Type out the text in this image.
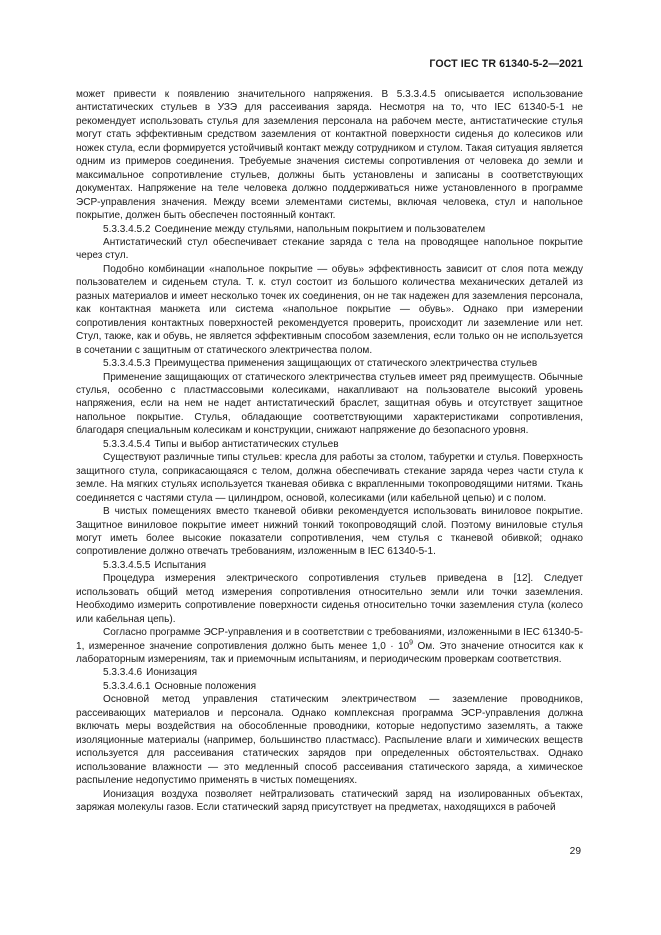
ГОСТ IEC TR 61340-5-2—2021

может привести к появлению значительного напряжения. В 5.3.3.4.5 описывается использование антистатических стульев в УЗЭ для рассеивания заряда. Несмотря на то, что IEC 61340-5-1 не рекомендует использовать стулья для заземления персонала на рабочем месте, антистатические стулья могут стать эффективным средством заземления от контактной поверхности сиденья до колесиков или ножек стула, если формируется устойчивый контакт между сотрудником и стулом. Такая ситуация является одним из примеров соединения. Требуемые значения системы сопротивления от человека до земли и максимальное сопротивление стульев, должны быть установлены и записаны в соответствующих документах. Напряжение на теле человека должно поддерживаться ниже установленного в программе ЭСР-управления значения. Между всеми элементами системы, включая человека, стул и напольное покрытие, должен быть обеспечен постоянный контакт.

5.3.3.4.5.2 Соединение между стульями, напольным покрытием и пользователем

Антистатический стул обеспечивает стекание заряда с тела на проводящее напольное покрытие через стул.

Подобно комбинации «напольное покрытие — обувь» эффективность зависит от слоя пота между пользователем и сиденьем стула. Т. к. стул состоит из большого количества механических деталей из разных материалов и имеет несколько точек их соединения, он не так надежен для заземления персонала, как контактная манжета или система «напольное покрытие — обувь». Однако при измерении сопротивления контактных поверхностей рекомендуется проверить, происходит ли заземление или нет. Стул, также, как и обувь, не является эффективным способом заземления, если только он не используется в сочетании с защитным от статического электричества полом.

5.3.3.4.5.3 Преимущества применения защищающих от статического электричества стульев

Применение защищающих от статического электричества стульев имеет ряд преимуществ. Обычные стулья, особенно с пластмассовыми колесиками, накапливают на пользователе высокий уровень напряжения, если на нем не надет антистатический браслет, защитная обувь и отсутствует защитное напольное покрытие. Стулья, обладающие соответствующими характеристиками сопротивления, благодаря специальным колесикам и конструкции, снижают напряжение до безопасного уровня.

5.3.3.4.5.4 Типы и выбор антистатических стульев

Существуют различные типы стульев: кресла для работы за столом, табуретки и стулья. Поверхность защитного стула, соприкасающаяся с телом, должна обеспечивать стекание заряда через части стула к земле. На мягких стульях используется тканевая обивка с вкрапленными токопроводящими нитями. Ткань соединяется с частями стула — цилиндром, основой, колесиками (или кабельной цепью) и с полом.

В чистых помещениях вместо тканевой обивки рекомендуется использовать виниловое покрытие. Защитное виниловое покрытие имеет нижний тонкий токопроводящий слой. Поэтому виниловые стулья могут иметь более высокие показатели сопротивления, чем стулья с тканевой обивкой; однако сопротивление должно отвечать требованиям, изложенным в IEC 61340-5-1.

5.3.3.4.5.5 Испытания

Процедура измерения электрического сопротивления стульев приведена в [12]. Следует использовать общий метод измерения сопротивления относительно земли или точки заземления. Необходимо измерить сопротивление поверхности сиденья относительно точки заземления стула (колесо или кабельная цепь).

Согласно программе ЭСР-управления и в соответствии с требованиями, изложенными в IEC 61340-5-1, измеренное значение сопротивления должно быть менее $1,0 \cdot 10^9$ Ом. Это значение относится как к лабораторным измерениям, так и приемочным испытаниям, и периодическим проверкам соответствия.

5.3.3.4.6 Ионизация

5.3.3.4.6.1 Основные положения

Основной метод управления статическим электричеством — заземление проводников, рассеивающих материалов и персонала. Однако комплексная программа ЭСР-управления должна включать меры воздействия на обособленные проводники, которые недопустимо заземлять, а также изоляционные материалы (например, большинство пластмасс). Распыление влаги и химических веществ используется для рассеивания статических зарядов при определенных обстоятельствах. Однако использование влажности — это медленный способ рассеивания статического заряда, а химическое распыление недопустимо применять в чистых помещениях.

Ионизация воздуха позволяет нейтрализовать статический заряд на изолированных объектах, заряжая молекулы газов. Если статический заряд присутствует на предметах, находящихся в рабочей

29
